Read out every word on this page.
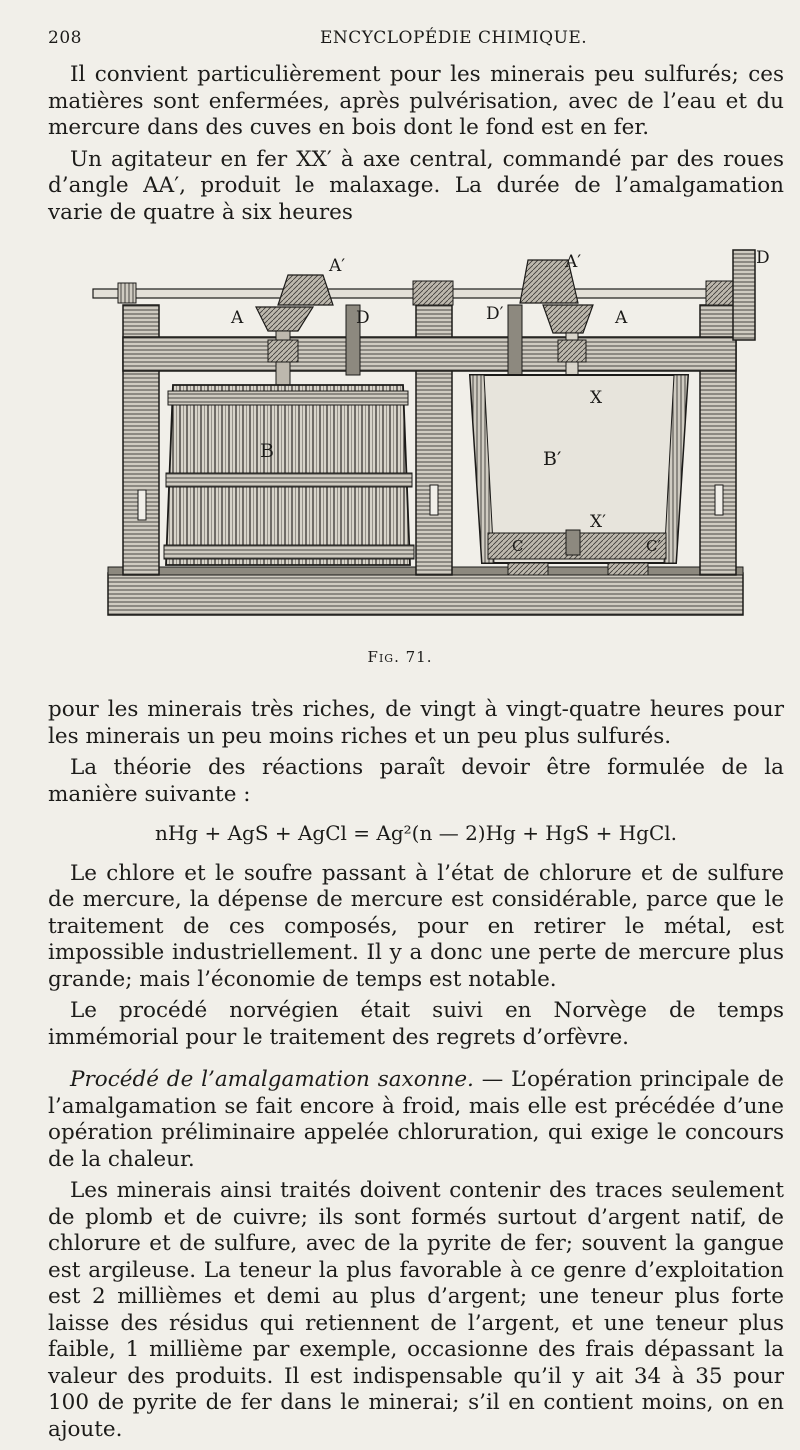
208	ENCYCLOPÉDIE CHIMIQUE.

Il convient particulièrement pour les minerais peu sulfurés; ces matières sont enfermées, après pulvérisation, avec de l’eau et du mercure dans des cuves en bois dont le fond est en fer.

Un agitateur en fer XX′ à axe central, commandé par des roues d’angle AA′, produit le malaxage. La durée de l’amalgamation varie de quatre à six heures

A
A′
D
A′
D′	A
D
B	B′
X
X′
C	C′
Fig. 71.

pour les minerais très riches, de vingt à vingt-quatre heures pour les minerais un peu moins riches et un peu plus sulfurés.

La théorie des réactions paraît devoir être formulée de la manière suivante :

nHg + AgS + AgCl = Ag²(n — 2)Hg + HgS + HgCl.

Le chlore et le soufre passant à l’état de chlorure et de sulfure de mercure, la dépense de mercure est considérable, parce que le traitement de ces composés, pour en retirer le métal, est impossible industriellement. Il y a donc une perte de mercure plus grande; mais l’économie de temps est notable.

Le procédé norvégien était suivi en Norvège de temps immémorial pour le traitement des regrets d’orfèvre.

Procédé de l’amalgamation saxonne. — L’opération principale de l’amalgamation se fait encore à froid, mais elle est précédée d’une opération préliminaire appelée chloruration, qui exige le concours de la chaleur.

Les minerais ainsi traités doivent contenir des traces seulement de plomb et de cuivre; ils sont formés surtout d’argent natif, de chlorure et de sulfure, avec de la pyrite de fer; souvent la gangue est argileuse. La teneur la plus favorable à ce genre d’exploitation est 2 millièmes et demi au plus d’argent; une teneur plus forte laisse des résidus qui retiennent de l’argent, et une teneur plus faible, 1 millième par exemple, occasionne des frais dépassant la valeur des produits. Il est indispensable qu’il y ait 34 à 35 pour 100 de pyrite de fer dans le minerai; s’il en contient moins, on en ajoute.
